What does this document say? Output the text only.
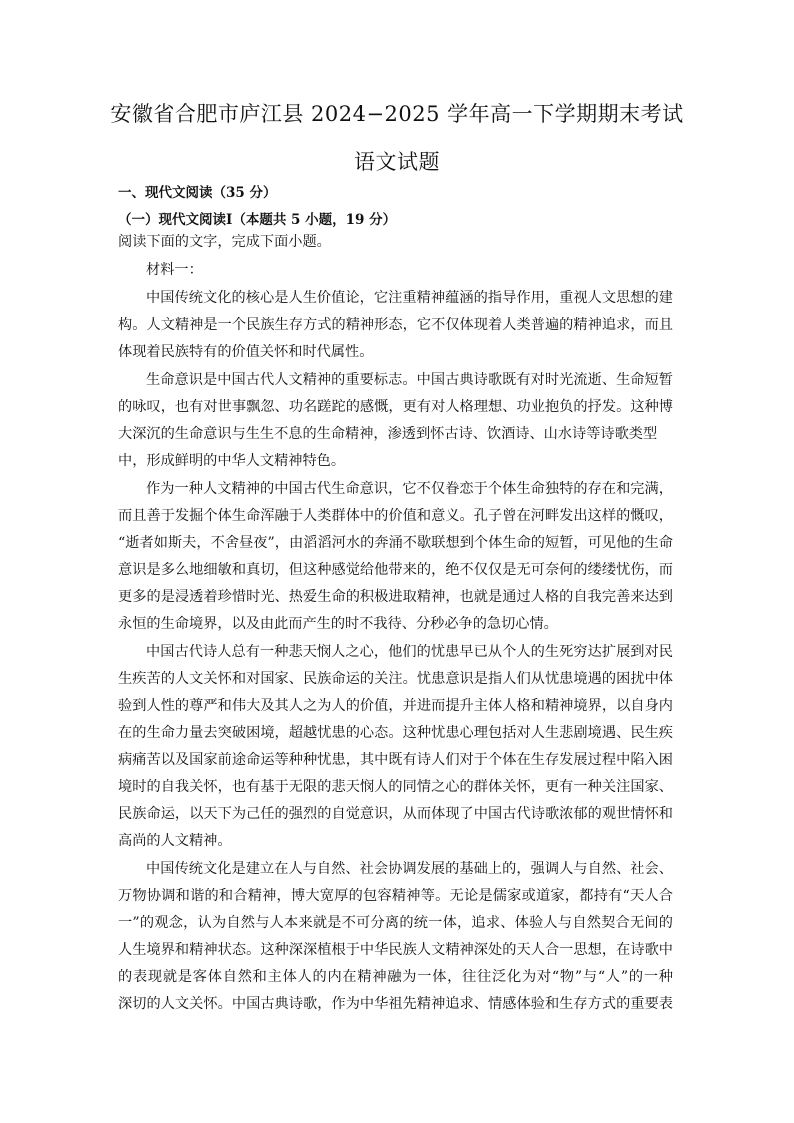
安徽省合肥市庐江县 2024−2025 学年高一下学期期末考试
语文试题
一、现代文阅读（35 分）
（一）现代文阅读Ⅰ（本题共 5 小题，19 分）
阅读下面的文字，完成下面小题。
材料一：
中国传统文化的核心是人生价值论，它注重精神蕴涵的指导作用，重视人文思想的建
构。人文精神是一个民族生存方式的精神形态，它不仅体现着人类普遍的精神追求，而且
体现着民族特有的价值关怀和时代属性。
生命意识是中国古代人文精神的重要标志。中国古典诗歌既有对时光流逝、生命短暂
的咏叹，也有对世事飘忽、功名蹉跎的感慨，更有对人格理想、功业抱负的抒发。这种博
大深沉的生命意识与生生不息的生命精神，渗透到怀古诗、饮酒诗、山水诗等诗歌类型
中，形成鲜明的中华人文精神特色。
作为一种人文精神的中国古代生命意识，它不仅眷恋于个体生命独特的存在和完满，
而且善于发掘个体生命浑融于人类群体中的价值和意义。孔子曾在河畔发出这样的慨叹，
“逝者如斯夫，不舍昼夜”，由滔滔河水的奔涌不歇联想到个体生命的短暂，可见他的生命
意识是多么地细敏和真切，但这种感觉给他带来的，绝不仅仅是无可奈何的缕缕忧伤，而
更多的是浸透着珍惜时光、热爱生命的积极进取精神，也就是通过人格的自我完善来达到
永恒的生命境界，以及由此而产生的时不我待、分秒必争的急切心情。
中国古代诗人总有一种悲天悯人之心，他们的忧患早已从个人的生死穷达扩展到对民
生疾苦的人文关怀和对国家、民族命运的关注。忧患意识是指人们从忧患境遇的困扰中体
验到人性的尊严和伟大及其人之为人的价值，并进而提升主体人格和精神境界，以自身内
在的生命力量去突破困境，超越忧患的心态。这种忧患心理包括对人生悲剧境遇、民生疾
病痛苦以及国家前途命运等种种忧患，其中既有诗人们对于个体在生存发展过程中陷入困
境时的自我关怀，也有基于无限的悲天悯人的同情之心的群体关怀，更有一种关注国家、
民族命运，以天下为己任的强烈的自觉意识，从而体现了中国古代诗歌浓郁的观世情怀和
高尚的人文精神。
中国传统文化是建立在人与自然、社会协调发展的基础上的，强调人与自然、社会、
万物协调和谐的和合精神，博大宽厚的包容精神等。无论是儒家或道家，都持有“天人合
一”的观念，认为自然与人本来就是不可分离的统一体，追求、体验人与自然契合无间的
人生境界和精神状态。这种深深植根于中华民族人文精神深处的天人合一思想，在诗歌中
的表现就是客体自然和主体人的内在精神融为一体，往往泛化为对“物”与“人”的一种
深切的人文关怀。中国古典诗歌，作为中华祖先精神追求、情感体验和生存方式的重要表
